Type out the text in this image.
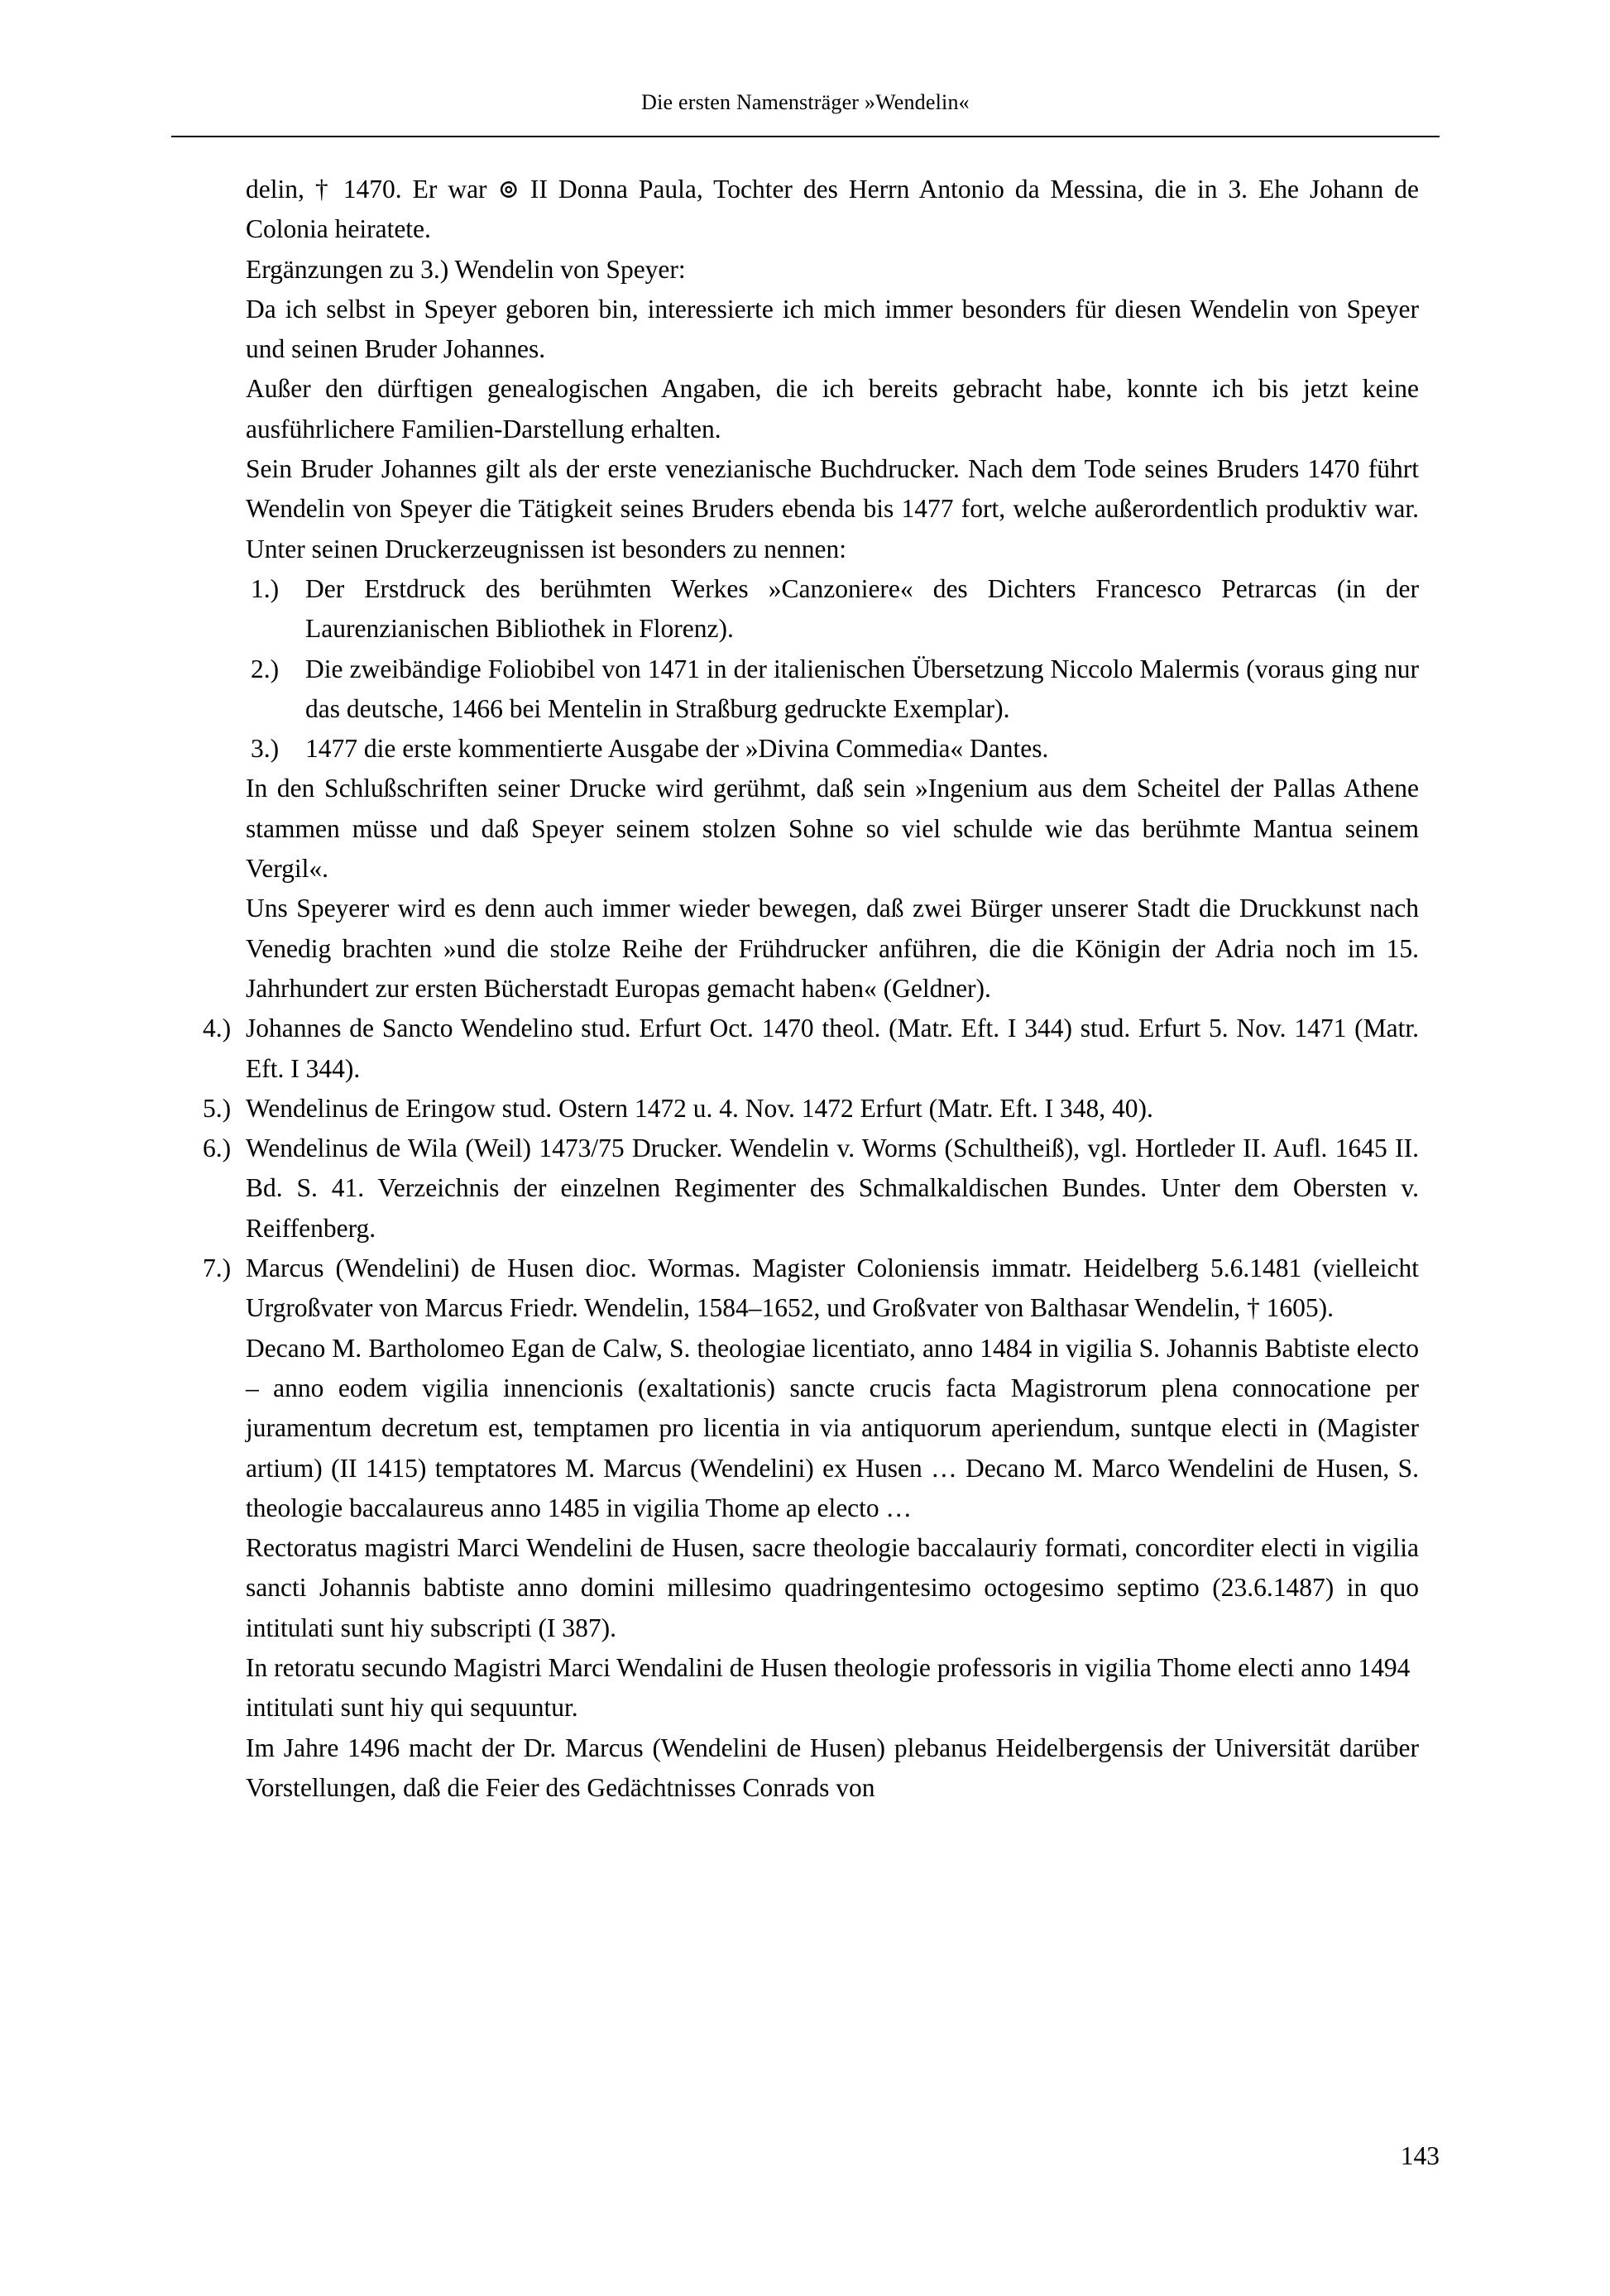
Die ersten Namensträger »Wendelin«

delin, † 1470. Er war ⊚ II Donna Paula, Tochter des Herrn Antonio da Messina, die in 3. Ehe Johann de Colonia heiratete.

Ergänzungen zu 3.) Wendelin von Speyer:

Da ich selbst in Speyer geboren bin, interessierte ich mich immer besonders für diesen Wendelin von Speyer und seinen Bruder Johannes.

Außer den dürftigen genealogischen Angaben, die ich bereits gebracht habe, konnte ich bis jetzt keine ausführlichere Familien-Darstellung erhalten.

Sein Bruder Johannes gilt als der erste venezianische Buchdrucker. Nach dem Tode seines Bruders 1470 führt Wendelin von Speyer die Tätigkeit seines Bruders ebenda bis 1477 fort, welche außerordentlich produktiv war. Unter seinen Druckerzeugnissen ist besonders zu nennen:

1.)	Der Erstdruck des berühmten Werkes »Canzoniere« des Dichters Francesco Petrarcas (in der Laurenzianischen Bibliothek in Florenz).
2.)	Die zweibändige Foliobibel von 1471 in der italienischen Übersetzung Niccolo Malermis (voraus ging nur das deutsche, 1466 bei Mentelin in Straßburg gedruckte Exemplar).
3.)	1477 die erste kommentierte Ausgabe der »Divina Commedia« Dantes.

In den Schlußschriften seiner Drucke wird gerühmt, daß sein »Ingenium aus dem Scheitel der Pallas Athene stammen müsse und daß Speyer seinem stolzen Sohne so viel schulde wie das berühmte Mantua seinem Vergil«.

Uns Speyerer wird es denn auch immer wieder bewegen, daß zwei Bürger unserer Stadt die Druckkunst nach Venedig brachten »und die stolze Reihe der Frühdrucker anführen, die die Königin der Adria noch im 15. Jahrhundert zur ersten Bücherstadt Europas gemacht haben« (Geldner).

4.) Johannes de Sancto Wendelino stud. Erfurt Oct. 1470 theol. (Matr. Eft. I 344) stud. Erfurt 5. Nov. 1471 (Matr. Eft. I 344).
5.) Wendelinus de Eringow stud. Ostern 1472 u. 4. Nov. 1472 Erfurt (Matr. Eft. I 348, 40).
6.) Wendelinus de Wila (Weil) 1473/75 Drucker. Wendelin v. Worms (Schultheiß), vgl. Hortleder II. Aufl. 1645 II. Bd. S. 41. Verzeichnis der einzelnen Regimenter des Schmalkaldischen Bundes. Unter dem Obersten v. Reiffenberg.
7.) Marcus (Wendelini) de Husen dioc. Wormas. Magister Coloniensis immatr. Heidelberg 5.6.1481 (vielleicht Urgroßvater von Marcus Friedr. Wendelin, 1584–1652, und Großvater von Balthasar Wendelin, † 1605).

Decano M. Bartholomeo Egan de Calw, S. theologiae licentiato, anno 1484 in vigilia S. Johannis Babtiste electo – anno eodem vigilia innencionis (exaltationis) sancte crucis facta Magistrorum plena connocatione per juramentum decretum est, temptamen pro licentia in via antiquorum aperiendum, suntque electi in (Magister artium) (II 1415) temptatores M. Marcus (Wendelini) ex Husen … Decano M. Marco Wendelini de Husen, S. theologie baccalaureus anno 1485 in vigilia Thome ap electo …

Rectoratus magistri Marci Wendelini de Husen, sacre theologie baccalauriy formati, concorditer electi in vigilia sancti Johannis babtiste anno domini millesimo quadringentesimo octogesimo septimo (23.6.1487) in quo intitulati sunt hiy subscripti (I 387).

In retoratu secundo Magistri Marci Wendalini de Husen theologie professoris in vigilia Thome electi anno 1494 intitulati sunt hiy qui sequuntur.

Im Jahre 1496 macht der Dr. Marcus (Wendelini de Husen) plebanus Heidelbergensis der Universität darüber Vorstellungen, daß die Feier des Gedächtnisses Conrads von

143
